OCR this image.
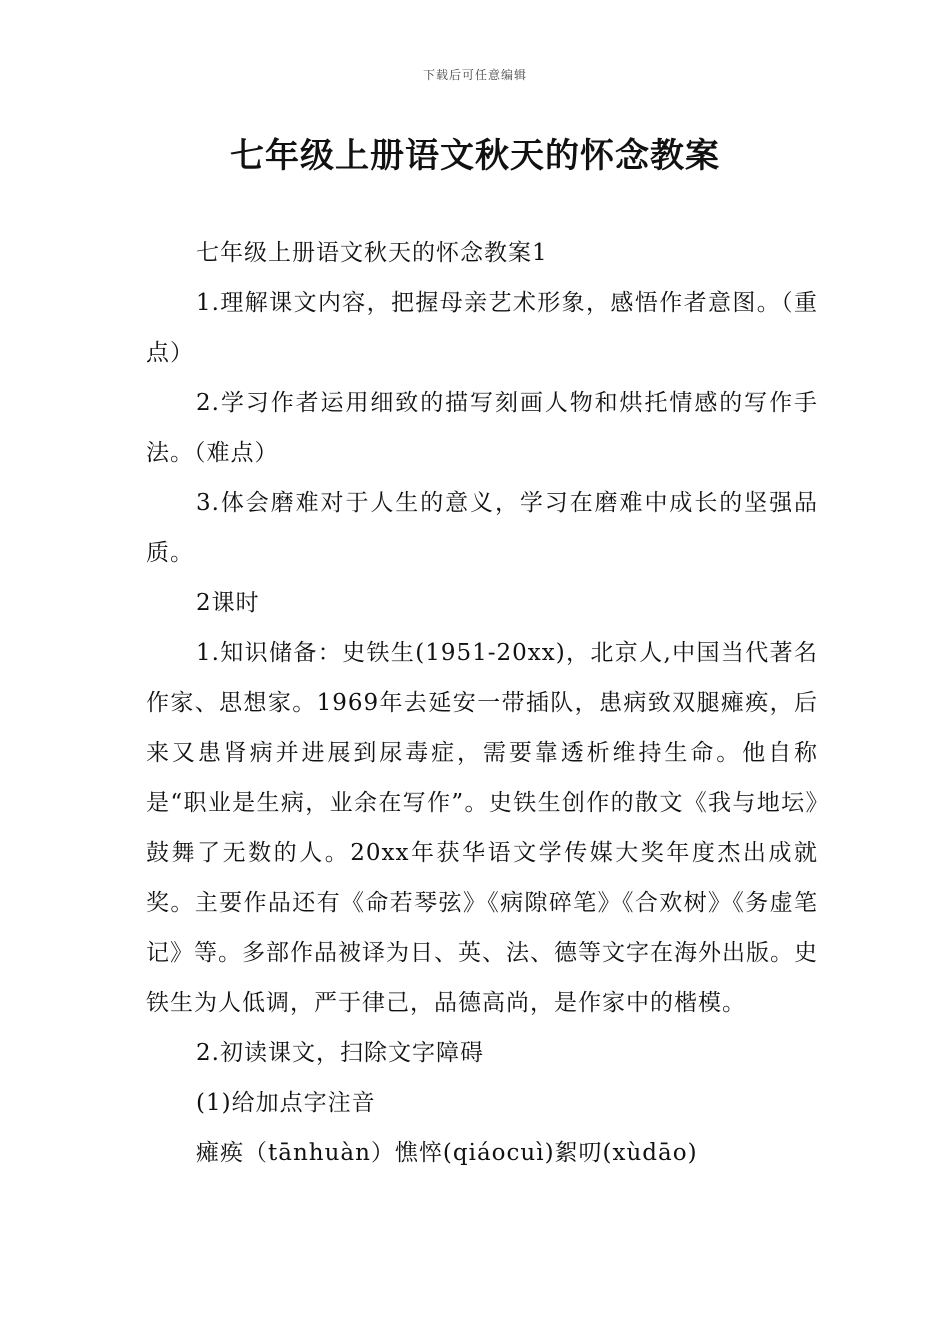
下载后可任意编辑
七年级上册语文秋天的怀念教案

七年级上册语文秋天的怀念教案1

1.理解课文内容，把握母亲艺术形象，感悟作者意图。（重点）

2.学习作者运用细致的描写刻画人物和烘托情感的写作手法。（难点）

3.体会磨难对于人生的意义，学习在磨难中成长的坚强品质。

2课时

1.知识储备：史铁生(1951-20xx)，北京人,中国当代著名作家、思想家。1969年去延安一带插队，患病致双腿瘫痪，后来又患肾病并进展到尿毒症，需要靠透析维持生命。他自称是“职业是生病，业余在写作”。史铁生创作的散文《我与地坛》鼓舞了无数的人。20xx年获华语文学传媒大奖年度杰出成就奖。主要作品还有《命若琴弦》《病隙碎笔》《合欢树》《务虚笔记》等。多部作品被译为日、英、法、德等文字在海外出版。史铁生为人低调，严于律己，品德高尚，是作家中的楷模。

2.初读课文，扫除文字障碍

(1)给加点字注音

瘫痪（tānhuàn）憔悴(qiáocuì)絮叨(xùdāo)
